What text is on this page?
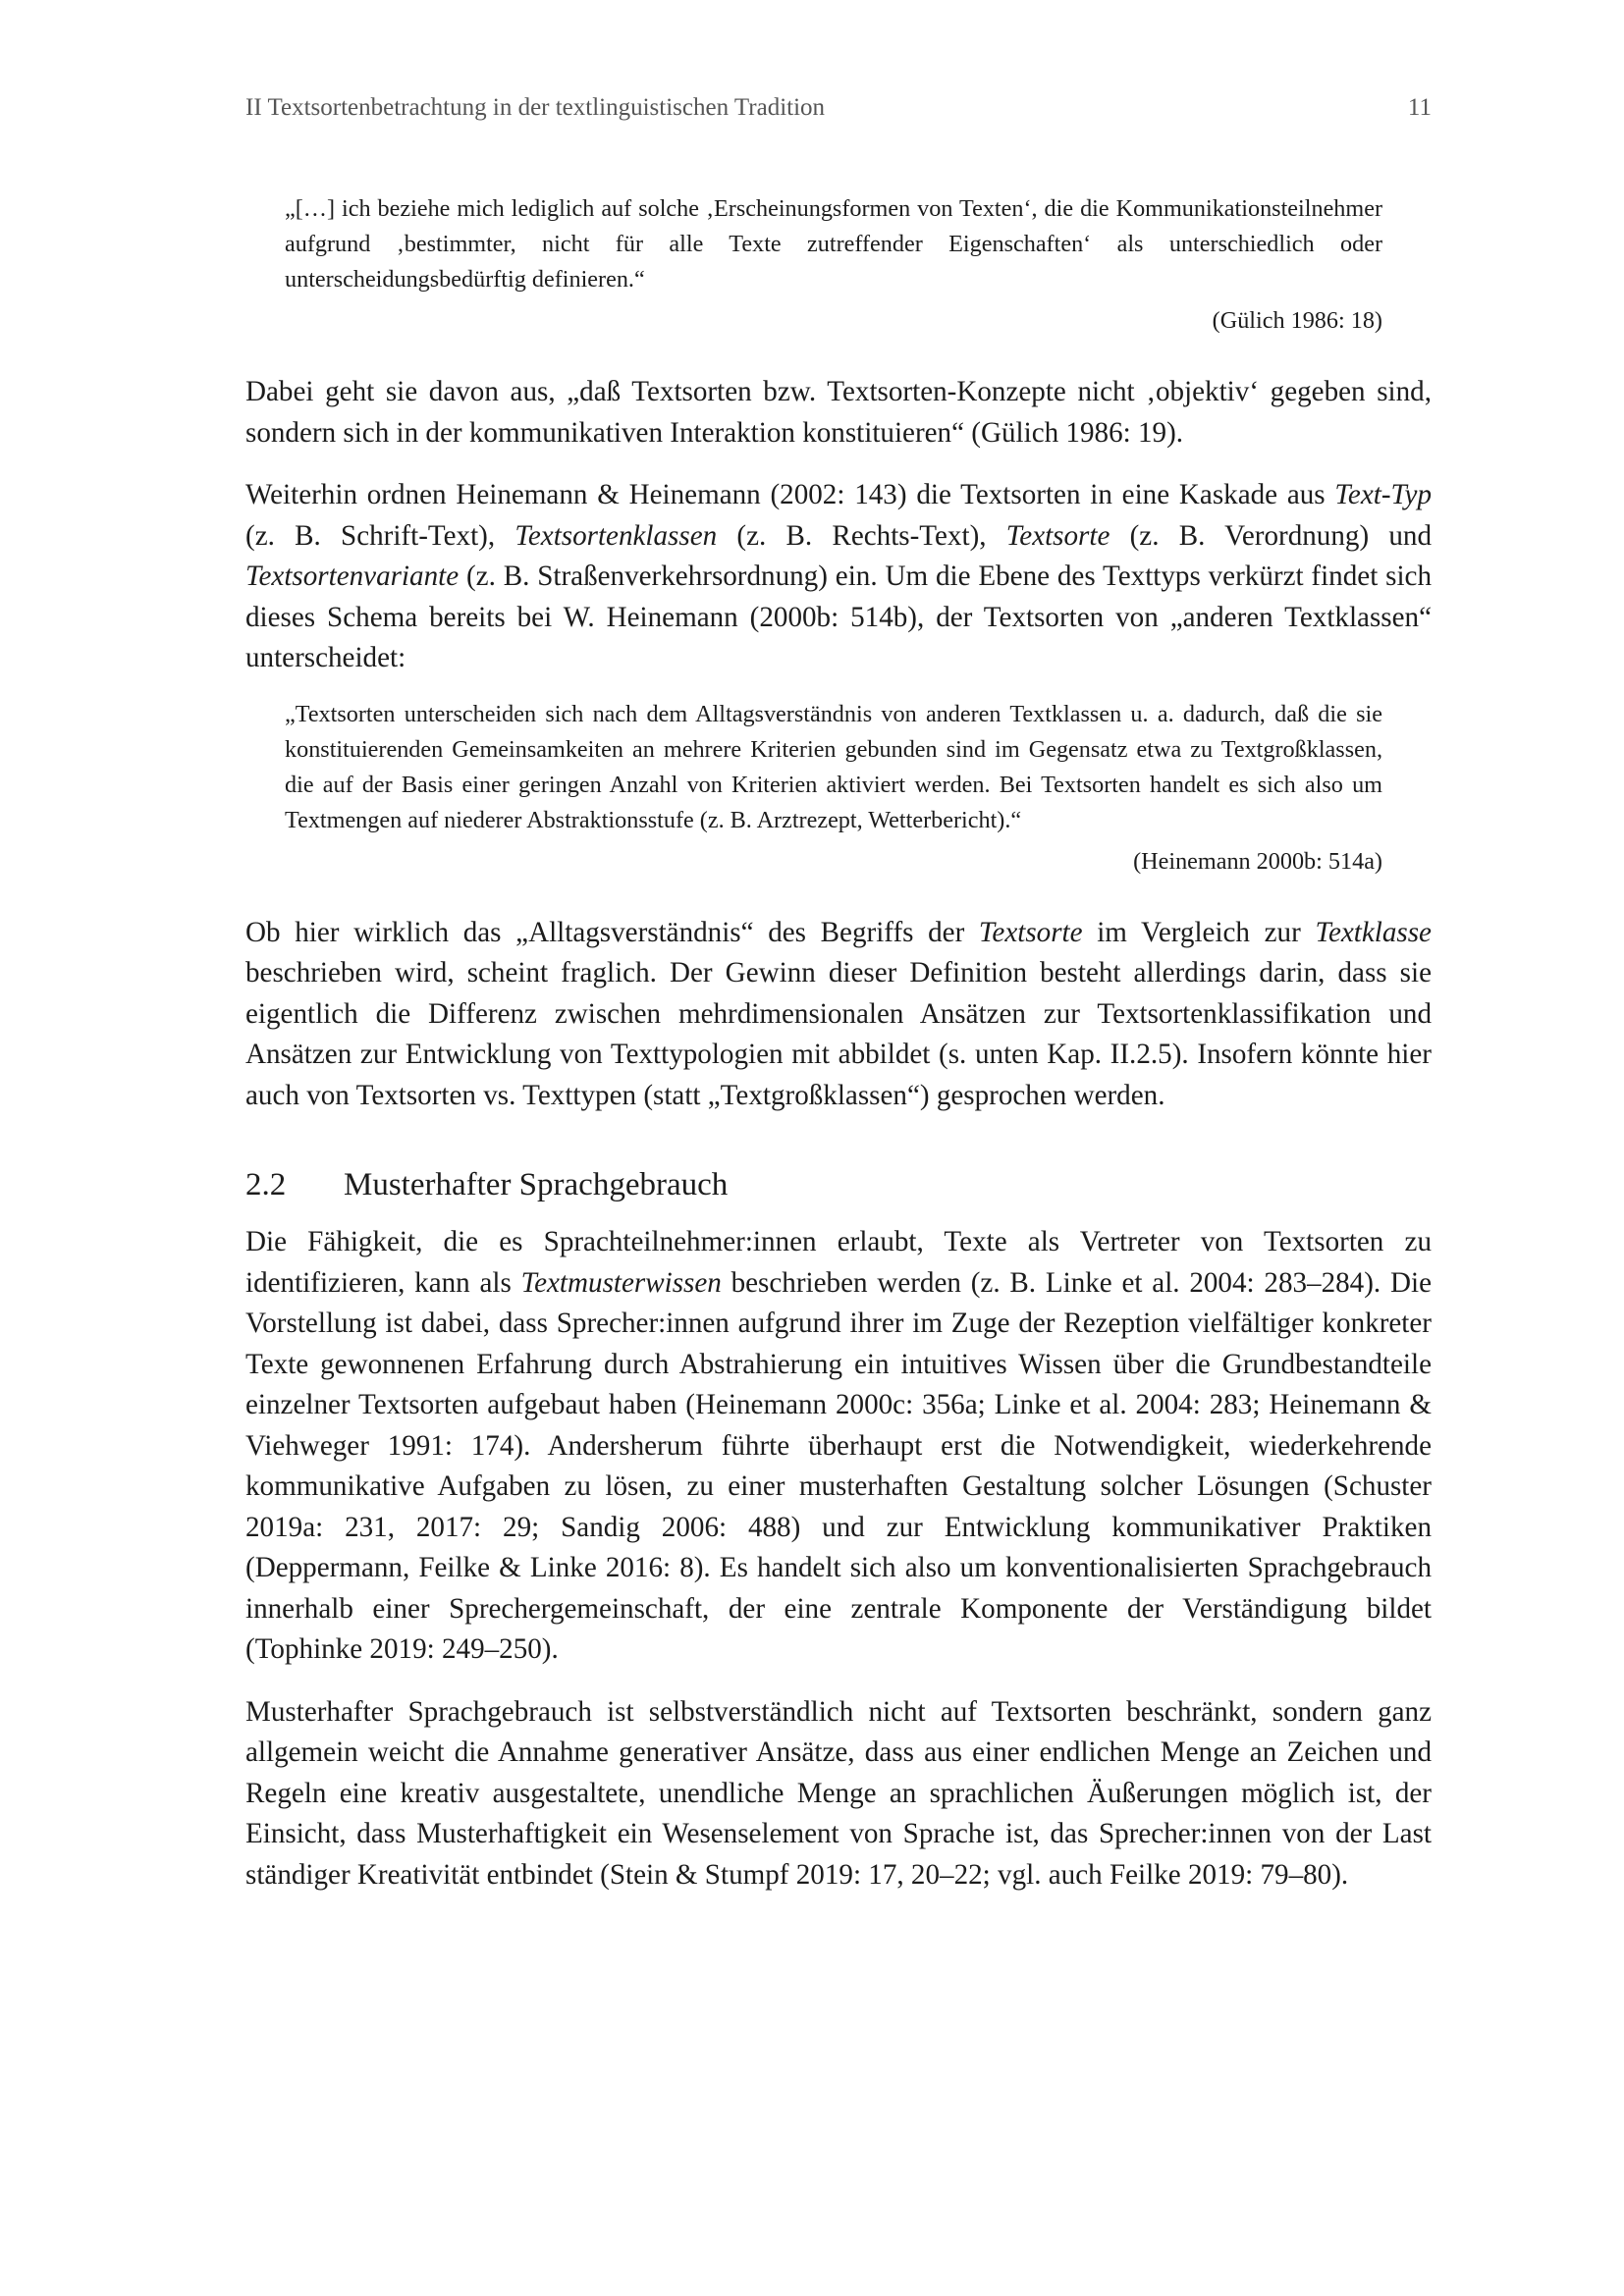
II Textsortenbetrachtung in der textlinguistischen Tradition	11
„[…] ich beziehe mich lediglich auf solche ‚Erscheinungsformen von Texten‘, die die Kommunikationsteilnehmer aufgrund ‚bestimmter, nicht für alle Texte zutreffender Eigenschaften‘ als unterschiedlich oder unterscheidungsbedürftig definieren.“
(Gülich 1986: 18)

Dabei geht sie davon aus, „daß Textsorten bzw. Textsorten-Konzepte nicht ‚objektiv‘ gegeben sind, sondern sich in der kommunikativen Interaktion konstituieren“ (Gülich 1986: 19).

Weiterhin ordnen Heinemann & Heinemann (2002: 143) die Textsorten in eine Kaskade aus Text-Typ (z. B. Schrift-Text), Textsortenklassen (z. B. Rechts-Text), Textsorte (z. B. Verordnung) und Textsortenvariante (z. B. Straßenverkehrsordnung) ein. Um die Ebene des Texttyps verkürzt findet sich dieses Schema bereits bei W. Heinemann (2000b: 514b), der Textsorten von „anderen Textklassen“ unterscheidet:

„Textsorten unterscheiden sich nach dem Alltagsverständnis von anderen Textklassen u. a. dadurch, daß die sie konstituierenden Gemeinsamkeiten an mehrere Kriterien gebunden sind im Gegensatz etwa zu Textgroßklassen, die auf der Basis einer geringen Anzahl von Kriterien aktiviert werden. Bei Textsorten handelt es sich also um Textmengen auf niederer Abstraktionsstufe (z. B. Arztrezept, Wetterbericht).“
(Heinemann 2000b: 514a)

Ob hier wirklich das „Alltagsverständnis“ des Begriffs der Textsorte im Vergleich zur Textklasse beschrieben wird, scheint fraglich. Der Gewinn dieser Definition besteht allerdings darin, dass sie eigentlich die Differenz zwischen mehrdimensionalen Ansätzen zur Textsortenklassifikation und Ansätzen zur Entwicklung von Texttypologien mit abbildet (s. unten Kap. II.2.5). Insofern könnte hier auch von Textsorten vs. Texttypen (statt „Textgroßklassen“) gesprochen werden.

2.2	Musterhafter Sprachgebrauch

Die Fähigkeit, die es Sprachteilnehmer:innen erlaubt, Texte als Vertreter von Textsorten zu identifizieren, kann als Textmusterwissen beschrieben werden (z. B. Linke et al. 2004: 283–284). Die Vorstellung ist dabei, dass Sprecher:innen aufgrund ihrer im Zuge der Rezeption vielfältiger konkreter Texte gewonnenen Erfahrung durch Abstrahierung ein intuitives Wissen über die Grundbestandteile einzelner Textsorten aufgebaut haben (Heinemann 2000c: 356a; Linke et al. 2004: 283; Heinemann & Viehweger 1991: 174). Andersherum führte überhaupt erst die Notwendigkeit, wiederkehrende kommunikative Aufgaben zu lösen, zu einer musterhaften Gestaltung solcher Lösungen (Schuster 2019a: 231, 2017: 29; Sandig 2006: 488) und zur Entwicklung kommunikativer Praktiken (Deppermann, Feilke & Linke 2016: 8). Es handelt sich also um konventionalisierten Sprachgebrauch innerhalb einer Sprechergemeinschaft, der eine zentrale Komponente der Verständigung bildet (Tophinke 2019: 249–250).

Musterhafter Sprachgebrauch ist selbstverständlich nicht auf Textsorten beschränkt, sondern ganz allgemein weicht die Annahme generativer Ansätze, dass aus einer endlichen Menge an Zeichen und Regeln eine kreativ ausgestaltete, unendliche Menge an sprachlichen Äußerungen möglich ist, der Einsicht, dass Musterhaftigkeit ein Wesenselement von Sprache ist, das Sprecher:innen von der Last ständiger Kreativität entbindet (Stein & Stumpf 2019: 17, 20–22; vgl. auch Feilke 2019: 79–80).
